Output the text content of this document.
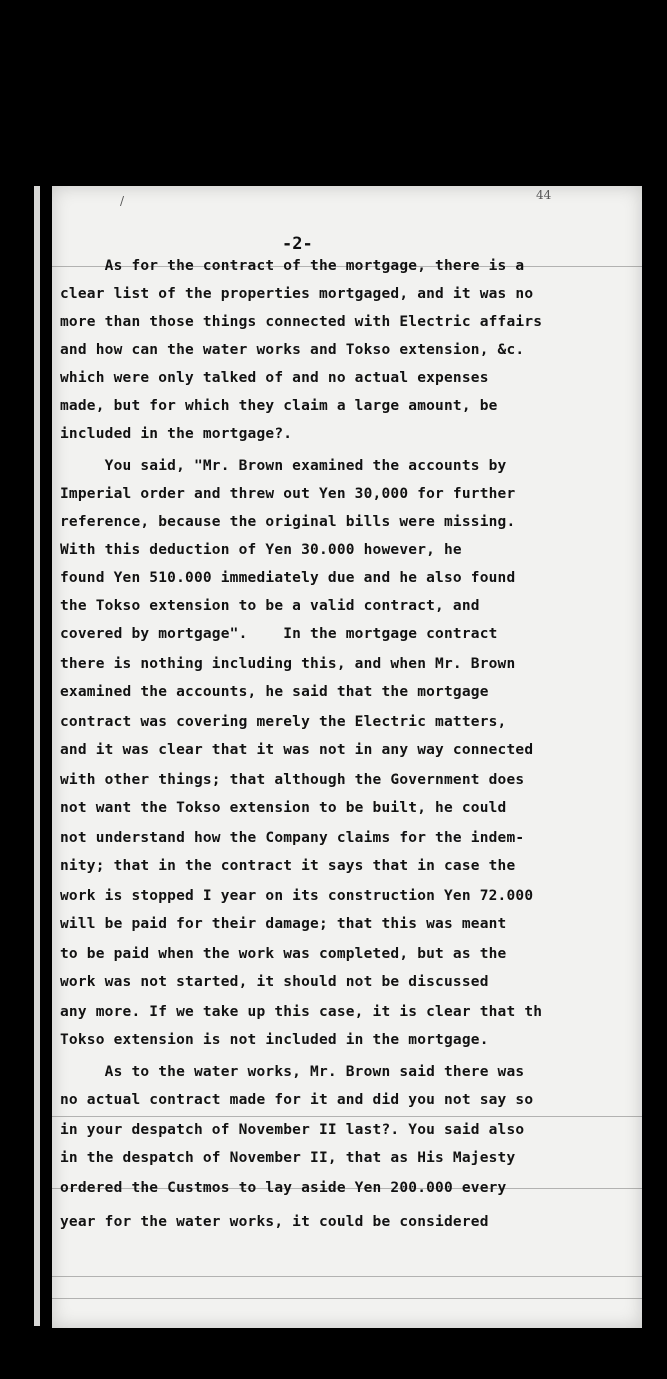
/	44
-2-
As for the contract of the mortgage, there is a
clear list of the properties mortgaged, and it was no
more than those things connected with Electric affairs
and how can the water works and Tokso extension, &c.
which were only talked of and no actual expenses
made, but for which they claim a large amount, be
included in the mortgage?.
You said, "Mr. Brown examined the accounts by
Imperial order and threw out Yen 30,000 for further
reference, because the original bills were missing.
With this deduction of Yen 30.000 however, he
found Yen 510.000 immediately due and he also found
the Tokso extension to be a valid contract, and
covered by mortgage".    In the mortgage contract
there is nothing including this, and when Mr. Brown
examined the accounts, he said that the mortgage
contract was covering merely the Electric matters,
and it was clear that it was not in any way connected
with other things; that although the Government does
not want the Tokso extension to be built, he could
not understand how the Company claims for the indem-
nity; that in the contract it says that in case the
work is stopped I year on its construction Yen 72.000
will be paid for their damage; that this was meant
to be paid when the work was completed, but as the
work was not started, it should not be discussed
any more. If we take up this case, it is clear that th
Tokso extension is not included in the mortgage.
As to the water works, Mr. Brown said there was
no actual contract made for it and did you not say so
in your despatch of November II last?. You said also
in the despatch of November II, that as His Majesty
ordered the Custmos to lay aside Yen 200.000 every
year for the water works, it could be considered
